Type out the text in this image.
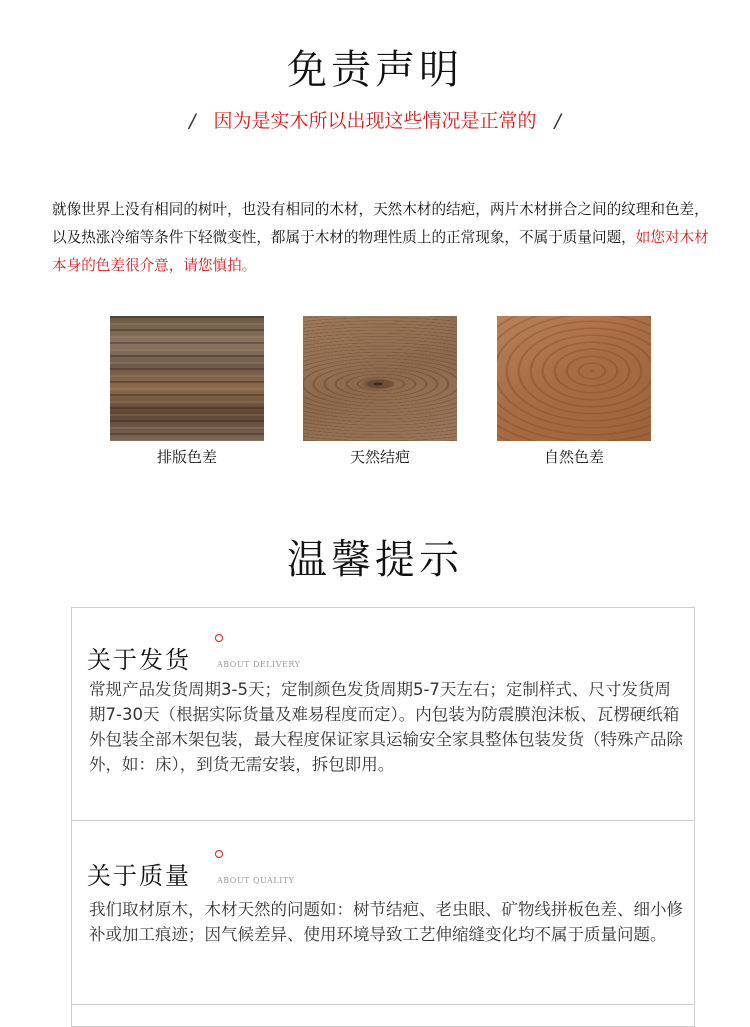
免责声明
/ 因为是实木所以出现这些情况是正常的 /
就像世界上没有相同的树叶，也没有相同的木材，天然木材的结疤，两片木材拼合之间的纹理和色差，以及热涨冷缩等条件下轻微变性，都属于木材的物理性质上的正常现象，不属于质量问题，如您对木材本身的色差很介意，请您慎拍。
排版色差	天然结疤	自然色差
温馨提示
关于发货	ABOUT DELIVERY
常规产品发货周期3-5天；定制颜色发货周期5-7天左右；定制样式、尺寸发货周期7-30天（根据实际货量及难易程度而定）。内包装为防震膜泡沫板、瓦楞硬纸箱外包装全部木架包装，最大程度保证家具运输安全家具整体包装发货（特殊产品除外，如：床），到货无需安装，拆包即用。
关于质量	ABOUT QUALITY
我们取材原木，木材天然的问题如：树节结疤、老虫眼、矿物线拼板色差、细小修补或加工痕迹；因气候差异、使用环境导致工艺伸缩缝变化均不属于质量问题。
